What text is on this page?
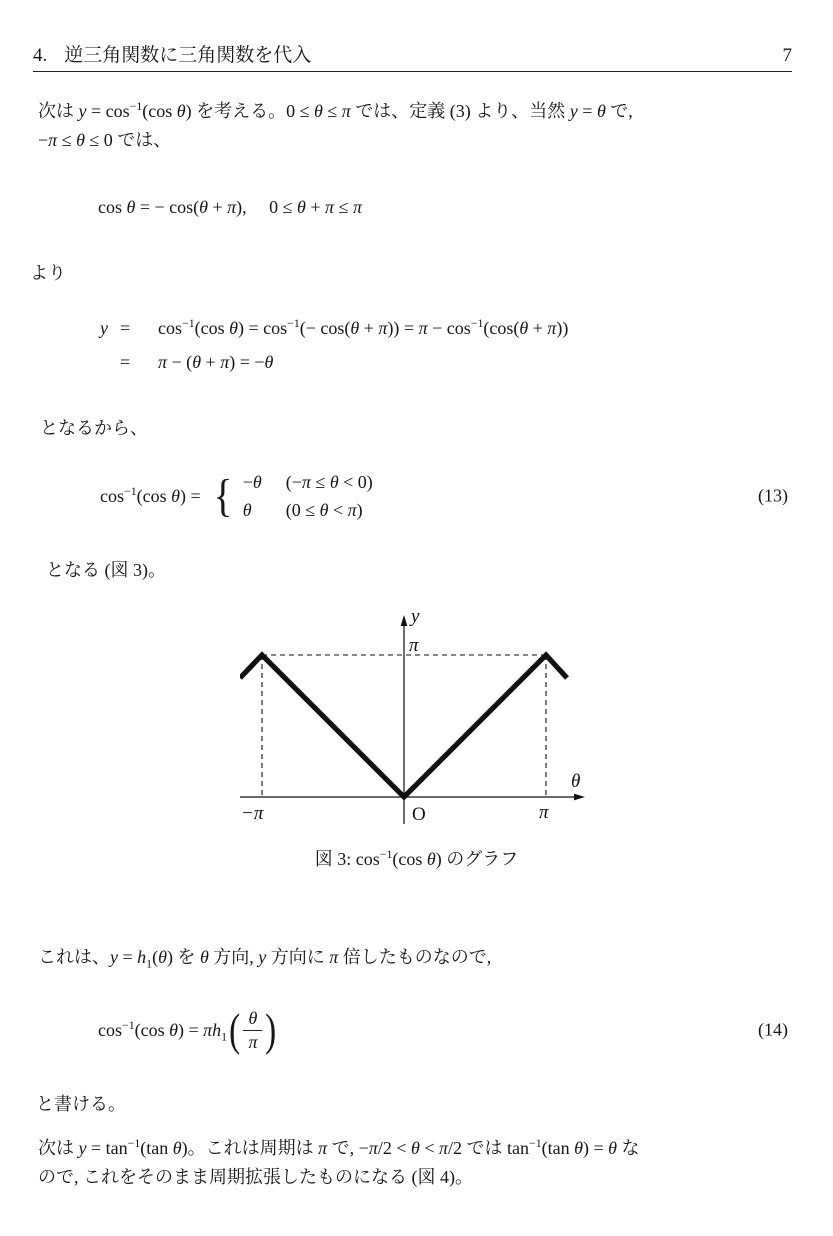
4. 逆三角関数に三角関数を代入	7

次は $y = \cos^{-1}(\cos$ θ) を考える。0 ≤ θ ≤ π では、定義 (3) より、当然 y = θ で,
−π ≤ θ ≤ 0 では、

cos θ = − cos(θ + π),  0 ≤ θ + π ≤ π
より
y =	$\cos^{-1}(\cos$ $\theta) = \cos^{-1}(- \cos(\theta + \pi)) = \pi - \cos^{-1}(\cos(\theta + \pi))$
=	π − (θ + π) = −θ
となるから、
$\cos^{-1}(\cos$ θ) = { −θ	(−π ≤ θ < 0)
θ	(0 ≤ θ < π)
(13)
となる (図 3)。
y
π
θ
−π	O	π
図 3: $\cos^{-1}(\cos$ θ) のグラフ

これは、$y = h_1(\theta)$ を θ 方向, y 方向に π 倍したものなので,

$\cos^{-1}(\cos$ $\theta) = \pi h_1$ ( $\frac{\theta}{\pi}$ )	(14)
と書ける。

次は $y = \tan^{-1}(\tan$ θ)。これは周期は π で, −π/2 < θ < π/2 では $\tan^{-1}(\tan$ θ) = θ な
ので, これをそのまま周期拡張したものになる (図 4)。
